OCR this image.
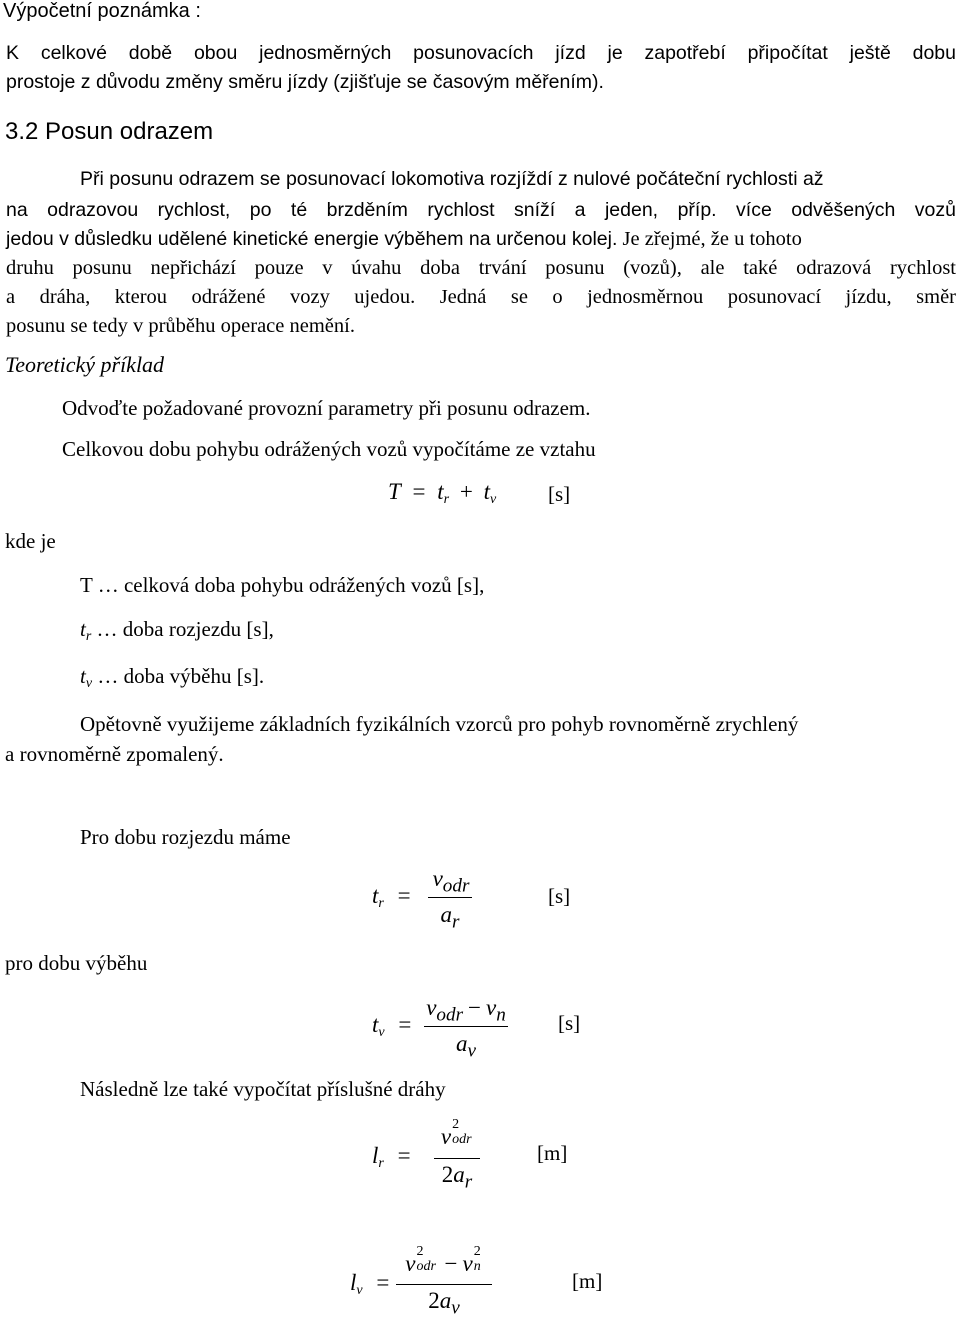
Výpočetní poznámka :
K celkové době obou jednosměrných posunovacích jízd je zapotřebí připočítat ještě dobu
prostoje z důvodu změny směru jízdy (zjišťuje se časovým měřením).
3.2 Posun odrazem
Při posunu odrazem se posunovací lokomotiva rozjíždí z nulové počáteční rychlosti až
na odrazovou rychlost, po té brzděním rychlost sníží a jeden, příp. více odvěšených vozů
jedou v důsledku udělené kinetické energie výběhem na určenou kolej. Je zřejmé, že u tohoto
druhu posunu nepřichází pouze v úvahu doba trvání posunu (vozů), ale také odrazová rychlost
a dráha, kterou odrážené vozy ujedou. Jedná se o jednosměrnou posunovací jízdu, směr
posunu se tedy v průběhu operace nemění.
Teoretický příklad
Odvoďte požadované provozní parametry při posunu odrazem.
Celkovou dobu pohybu odrážených vozů vypočítáme ze vztahu
$T = t_r + t_v$ [s]
kde je
T … celková doba pohybu odrážených vozů [s],
$t_r$ … doba rozjezdu [s],
$t_v$ … doba výběhu [s].
Opětovně využijeme základních fyzikálních vzorců pro pohyb rovnoměrně zrychlený
a rovnoměrně zpomalený.
Pro dobu rozjezdu máme
$t_r$ =
$v_{odr}$
$a_r$
[s]
pro dobu výběhu
$t_v$ =
$v_{odr} - v_n$
$a_v$
[s]
Následně lze také vypočítat příslušné dráhy
$l_r$ =
v 2
odr
$2a_r$
[m]
$l_v$ =
v 2
odr − v 2
n
$2a_v$
[m]
